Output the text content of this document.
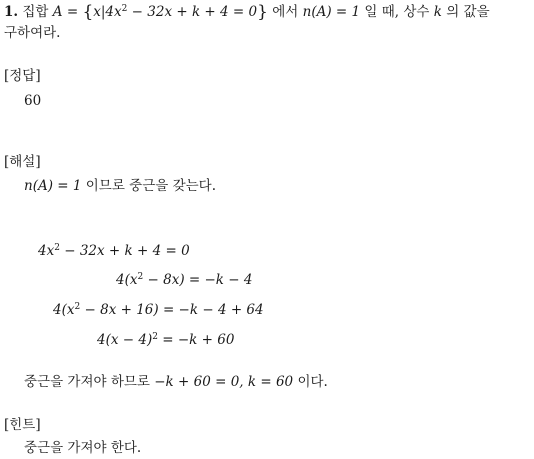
1. 집합 $A = \{x|4x^2 - 32x + k + 4 = 0\}$ 에서 n(A) = 1 일 때, 상수 k 의 값을
구하여라.
[정답]
60
[해설]
n(A) = 1 이므로 중근을 갖는다.
$4x^2 - 32x + k + 4 = 0$
$4(x^2 - 8x) = -k - 4$
$4(x^2 - 8x + 16) = -k - 4 + 64$
$4(x - 4)^2 = -k + 60$
중근을 가져야 하므로 −k + 60 = 0, k = 60 이다.
[힌트]
중근을 가져야 한다.
